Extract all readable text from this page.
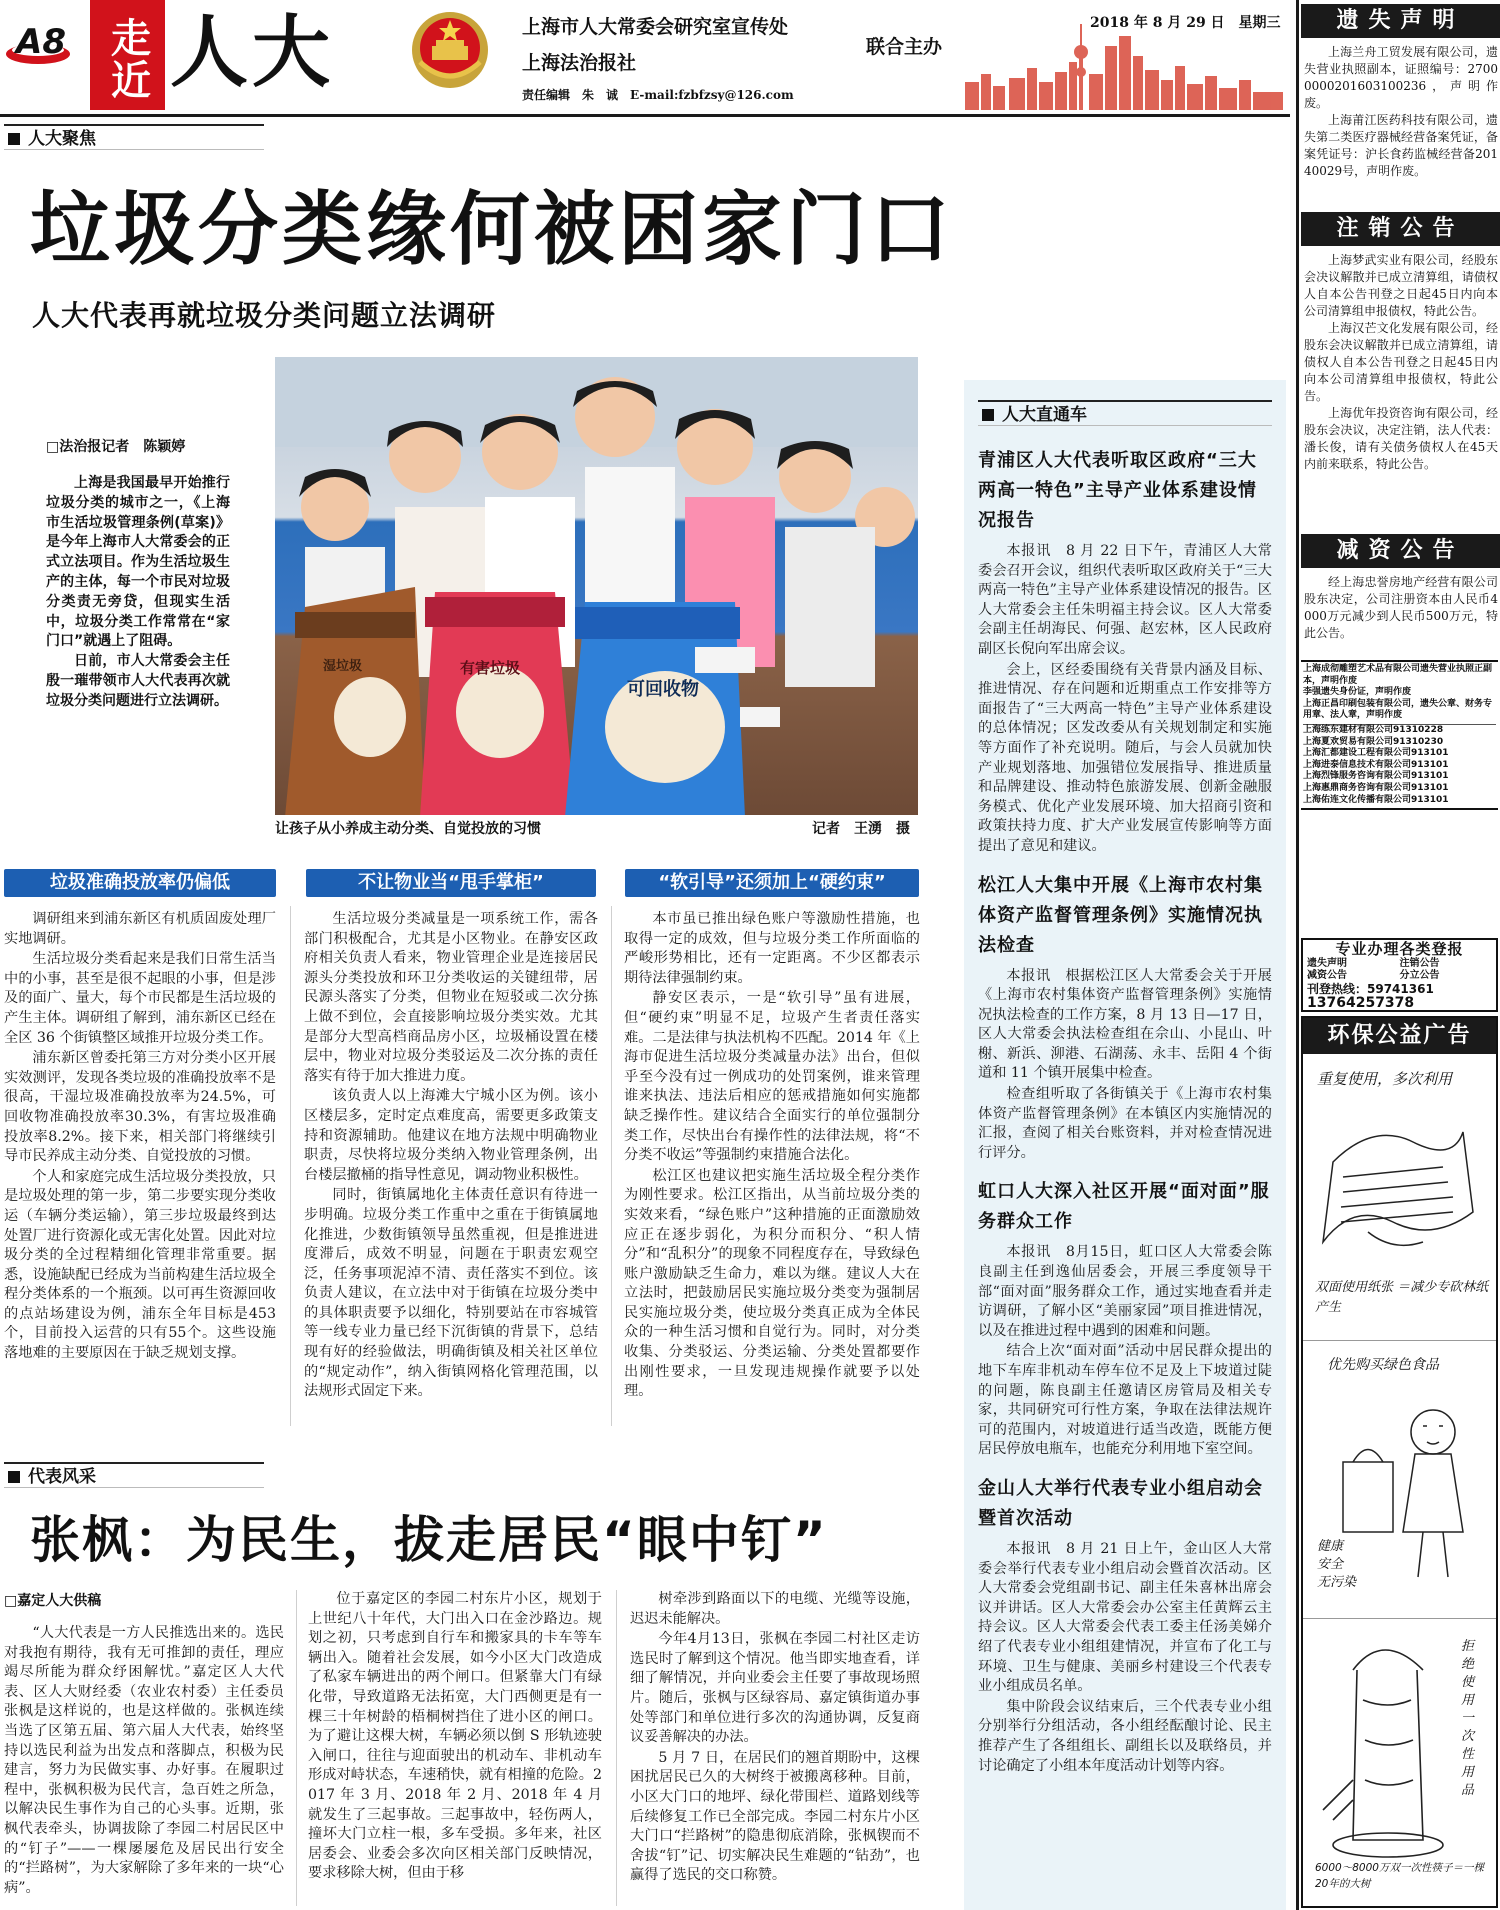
A8 走近 人大	上海市人大常委会研究室宣传处
上海法治报社
联合主办
责任编辑　朱　诚　E-mail:fzbfzsy@126.com
2018 年 8 月 29 日　星期三
人大聚焦
垃圾分类缘何被困家门口
人大代表再就垃圾分类问题立法调研
□法治报记者　陈颖婷

上海是我国最早开始推行垃圾分类的城市之一，《上海市生活垃圾管理条例(草案)》是今年上海市人大常委会的正式立法项目。作为生活垃圾生产的主体，每一个市民对垃圾分类责无旁贷，但现实生活中，垃圾分类工作常常在“家门口”就遇上了阻碍。

日前，市人大常委会主任殷一璀带领市人大代表再次就垃圾分类问题进行立法调研。

湿垃圾	有害垃圾
可回收物
让孩子从小养成主动分类、自觉投放的习惯	记者　王湧　摄
垃圾准确投放率仍偏低	不让物业当“甩手掌柜”	“软引导”还须加上“硬约束”

调研组来到浦东新区有机质固废处理厂实地调研。

生活垃圾分类看起来是我们日常生活当中的小事，甚至是很不起眼的小事，但是涉及的面广、量大，每个市民都是生活垃圾的产生主体。调研组了解到，浦东新区已经在全区 36 个街镇整区域推开垃圾分类工作。

浦东新区曾委托第三方对分类小区开展实效测评，发现各类垃圾的准确投放率不是很高，干湿垃圾准确投放率为24.5%，可回收物准确投放率30.3%，有害垃圾准确投放率8.2%。接下来，相关部门将继续引导市民养成主动分类、自觉投放的习惯。

个人和家庭完成生活垃圾分类投放，只是垃圾处理的第一步，第二步要实现分类收运（车辆分类运输），第三步垃圾最终到达处置厂进行资源化或无害化处置。因此对垃圾分类的全过程精细化管理非常重要。据悉，设施缺配已经成为当前构建生活垃圾全程分类体系的一个瓶颈。以可再生资源回收的点站场建设为例，浦东全年目标是453个，目前投入运营的只有55个。这些设施落地难的主要原因在于缺乏规划支撑。

生活垃圾分类减量是一项系统工作，需各部门积极配合，尤其是小区物业。在静安区政府相关负责人看来，物业管理企业是连接居民源头分类投放和环卫分类收运的关键纽带，居民源头落实了分类，但物业在短驳或二次分拣上做不到位，会直接影响垃圾分类实效。尤其是部分大型高档商品房小区，垃圾桶设置在楼层中，物业对垃圾分类驳运及二次分拣的责任落实有待于加大推进力度。

该负责人以上海滩大宁城小区为例。该小区楼层多，定时定点难度高，需要更多政策支持和资源辅助。他建议在地方法规中明确物业职责，尽快将垃圾分类纳入物业管理条例，出台楼层撤桶的指导性意见，调动物业积极性。

同时，街镇属地化主体责任意识有待进一步明确。垃圾分类工作重中之重在于街镇属地化推进，少数街镇领导虽然重视，但是推进进度滞后，成效不明显，问题在于职责宏观空泛，任务事项泥淖不清、责任落实不到位。该负责人建议，在立法中对于街镇在垃圾分类中的具体职责要予以细化，特别要站在市容城管等一线专业力量已经下沉街镇的背景下，总结现有好的经验做法，明确街镇及相关社区单位的“规定动作”，纳入街镇网格化管理范围，以法规形式固定下来。

本市虽已推出绿色账户等激励性措施，也取得一定的成效，但与垃圾分类工作所面临的严峻形势相比，还有一定距离。不少区都表示期待法律强制约束。

静安区表示，一是“软引导”虽有进展，但“硬约束”明显不足，垃圾产生者责任落实难。二是法律与执法机构不匹配。2014 年《上海市促进生活垃圾分类减量办法》出台，但似乎至今没有过一例成功的处罚案例，谁来管理谁来执法、违法后相应的惩戒措施如何实施都缺乏操作性。建议结合全面实行的单位强制分类工作，尽快出台有操作性的法律法规，将“不分类不收运”等强制约束措施合法化。

松江区也建议把实施生活垃圾全程分类作为刚性要求。松江区指出，从当前垃圾分类的实效来看，“绿色账户”这种措施的正面激励效应正在逐步弱化，为积分而积分、“积人情分”和“乱积分”的现象不同程度存在，导致绿色账户激励缺乏生命力，难以为继。建议人大在立法时，把鼓励居民实施垃圾分类变为强制居民实施垃圾分类，使垃圾分类真正成为全体民众的一种生活习惯和自觉行为。同时，对分类收集、分类驳运、分类运输、分类处置都要作出刚性要求，一旦发现违规操作就要予以处理。

代表风采
张枫：为民生，拔走居民“眼中钉”
□嘉定人大供稿

“人大代表是一方人民推选出来的。选民对我抱有期待，我有无可推卸的责任，理应竭尽所能为群众纾困解忧。”嘉定区人大代表、区人大财经委（农业农村委）主任委员张枫是这样说的，也是这样做的。张枫连续当选了区第五届、第六届人大代表，始终坚持以选民利益为出发点和落脚点，积极为民建言，努力为民做实事、办好事。在履职过程中，张枫积极为民代言，急百姓之所急，以解决民生事作为自己的心头事。近期，张枫代表牵头，协调拔除了李园二村居民区中的“钉子”——一棵屡屡危及居民出行安全的“拦路树”，为大家解除了多年来的一块“心病”。

位于嘉定区的李园二村东片小区，规划于上世纪八十年代，大门出入口在金沙路边。规划之初，只考虑到自行车和搬家具的卡车等车辆出入。随着社会发展，如今小区大门改造成了私家车辆进出的两个闸口。但紧靠大门有绿化带，导致道路无法拓宽，大门西侧更是有一棵三十年树龄的梧桐树挡住了进小区的闸口。为了避让这棵大树，车辆必须以倒 S 形轨迹驶入闸口，往往与迎面驶出的机动车、非机动车形成对峙状态，车速稍快，就有相撞的危险。2017 年 3 月、2018 年 2 月、2018 年 4 月就发生了三起事故。三起事故中，轻伤两人，撞坏大门立柱一根，多车受损。多年来，社区居委会、业委会多次向区相关部门反映情况，要求移除大树，但由于移

树牵涉到路面以下的电缆、光缆等设施，迟迟未能解决。

今年4月13日，张枫在李园二村社区走访选民时了解到这个情况。他当即实地查看，详细了解情况，并向业委会主任要了事故现场照片。随后，张枫与区绿容局、嘉定镇街道办事处等部门和单位进行多次的沟通协调，反复商议妥善解决的办法。

5 月 7 日，在居民们的翘首期盼中，这棵困扰居民已久的大树终于被搬离移种。目前，小区大门口的地坪、绿化带围栏、道路划线等后续修复工作已全部完成。李园二村东片小区大门口“拦路树”的隐患彻底消除，张枫锲而不舍拔“钉”记、切实解决民生难题的“钻劲”，也赢得了选民的交口称赞。

人大直通车
青浦区人大代表听取区政府“三大两高一特色”主导产业体系建设情况报告

本报讯　8 月 22 日下午，青浦区人大常委会召开会议，组织代表听取区政府关于“三大两高一特色”主导产业体系建设情况的报告。区人大常委会主任朱明福主持会议。区人大常委会副主任胡海民、何强、赵宏林，区人民政府副区长倪向军出席会议。

会上，区经委围绕有关背景内涵及目标、推进情况、存在问题和近期重点工作安排等方面报告了“三大两高一特色”主导产业体系建设的总体情况；区发改委从有关规划制定和实施等方面作了补充说明。随后，与会人员就加快产业规划落地、加强错位发展指导、推进质量和品牌建设、推动特色旅游发展、创新金融服务模式、优化产业发展环境、加大招商引资和政策扶持力度、扩大产业发展宣传影响等方面提出了意见和建议。

松江人大集中开展《上海市农村集体资产监督管理条例》实施情况执法检查

本报讯　根据松江区人大常委会关于开展《上海市农村集体资产监督管理条例》实施情况执法检查的工作方案，8 月 13 日—17 日，区人大常委会执法检查组在佘山、小昆山、叶榭、新浜、泖港、石湖荡、永丰、岳阳 4 个街道和 11 个镇开展集中检查。

检查组听取了各街镇关于《上海市农村集体资产监督管理条例》在本镇区内实施情况的汇报，查阅了相关台账资料，并对检查情况进行评分。

虹口人大深入社区开展“面对面”服务群众工作

本报讯　8月15日，虹口区人大常委会陈良副主任到逸仙居委会，开展三季度领导干部“面对面”服务群众工作，通过实地查看并走访调研，了解小区“美丽家园”项目推进情况，以及在推进过程中遇到的困难和问题。

结合上次“面对面”活动中居民群众提出的地下车库非机动车停车位不足及上下坡道过陡的问题，陈良副主任邀请区房管局及相关专家，共同研究可行性方案，争取在法律法规许可的范围内，对坡道进行适当改造，既能方便居民停放电瓶车，也能充分利用地下室空间。

金山人大举行代表专业小组启动会暨首次活动

本报讯　8 月 21 日上午，金山区人大常委会举行代表专业小组启动会暨首次活动。区人大常委会党组副书记、副主任朱喜林出席会议并讲话。区人大常委会办公室主任黄辉云主持会议。区人大常委会代表工委主任汤美娣介绍了代表专业小组组建情况，并宣布了化工与环境、卫生与健康、美丽乡村建设三个代表专业小组成员名单。

集中阶段会议结束后，三个代表专业小组分别举行分组活动，各小组经酝酿讨论、民主推荐产生了各组组长、副组长以及联络员，并讨论确定了小组本年度活动计划等内容。

遗失声明

上海兰舟工贸发展有限公司，遗失营业执照副本，证照编号：27000000201603100236，声明作废。

上海莆江医药科技有限公司，遗失第二类医疗器械经营备案凭证，备案凭证号：沪长食药监械经营备20140029号，声明作废。

注销公告

上海梦武实业有限公司，经股东会决议解散并已成立清算组，请债权人自本公告刊登之日起45日内向本公司清算组申报债权，特此公告。

上海汉芒文化发展有限公司，经股东会决议解散并已成立清算组，请债权人自本公告刊登之日起45日内向本公司清算组申报债权，特此公告。

上海优年投资咨询有限公司，经股东会决议，决定注销，法人代表：潘长俊，请有关债务债权人在45天内前来联系，特此公告。

减资公告

经上海忠誉房地产经营有限公司股东决定，公司注册资本由人民币4000万元减少到人民币500万元，特此公告。

上海成彻雕塑艺术品有限公司遗失营业执照正副本，声明作废
李强遗失身份证，声明作废
上海正昌印刷包装有限公司，遗失公章、财务专用章、法人章，声明作废
上海练东建材有限公司91310228
上海夏欢贸易有限公司91310230
上海汇都建设工程有限公司913101
上海进泰信息技术有限公司913101
上海烈锋服务咨询有限公司913101
上海惠鼎商务咨询有限公司913101
上海佑连文化传播有限公司913101
专业办理各类登报
遗失声明	注销公告
减资公告	分立公告
刊登热线：59741361
13764257378
环保公益广告
重复使用，多次利用
双面使用纸张 ＝减少专砍林纸产生
优先购买绿色食品
健康 安全 无污染
拒绝使用一次性用品
6000～8000万双一次性筷子＝一棵20年的大树
